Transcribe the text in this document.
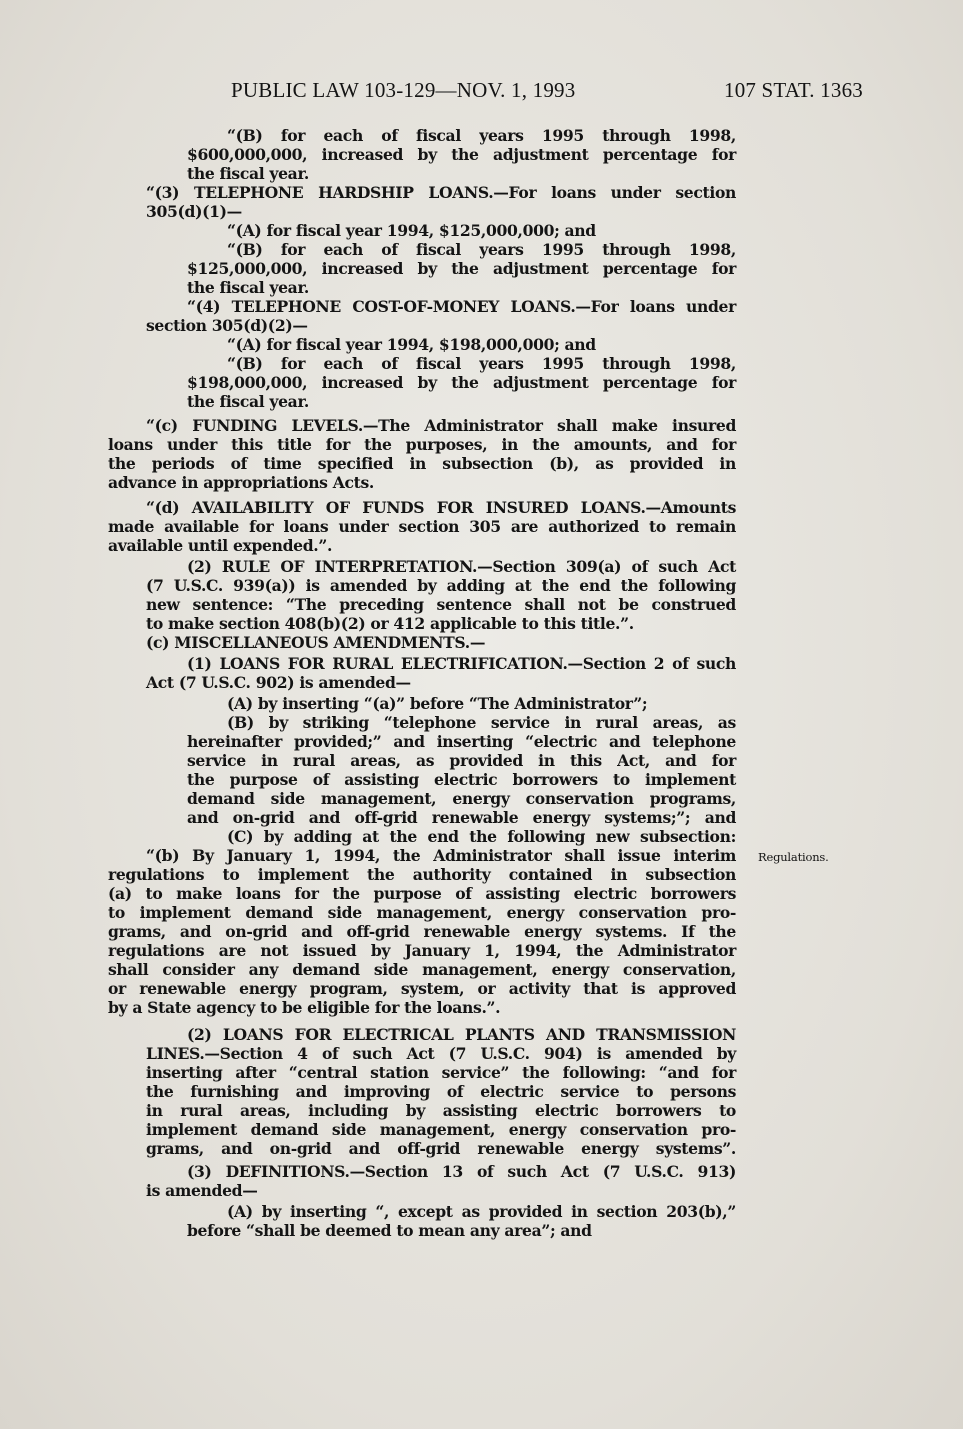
PUBLIC LAW 103-129—NOV. 1, 1993	107 STAT. 1363
“(B) for each of fiscal years 1995 through 1998,
$600,000,000, increased by the adjustment percentage for
the fiscal year.
“(3) TELEPHONE HARDSHIP LOANS.—For loans under section
305(d)(1)—
“(A) for fiscal year 1994, $125,000,000; and
“(B) for each of fiscal years 1995 through 1998,
$125,000,000, increased by the adjustment percentage for
the fiscal year.
“(4) TELEPHONE COST-OF-MONEY LOANS.—For loans under
section 305(d)(2)—
“(A) for fiscal year 1994, $198,000,000; and
“(B) for each of fiscal years 1995 through 1998,
$198,000,000, increased by the adjustment percentage for
the fiscal year.
“(c) FUNDING LEVELS.—The Administrator shall make insured
loans under this title for the purposes, in the amounts, and for
the periods of time specified in subsection (b), as provided in
advance in appropriations Acts.
“(d) AVAILABILITY OF FUNDS FOR INSURED LOANS.—Amounts
made available for loans under section 305 are authorized to remain
available until expended.”.
(2) RULE OF INTERPRETATION.—Section 309(a) of such Act
(7 U.S.C. 939(a)) is amended by adding at the end the following
new sentence: “The preceding sentence shall not be construed
to make section 408(b)(2) or 412 applicable to this title.”.
(c) MISCELLANEOUS AMENDMENTS.—
(1) LOANS FOR RURAL ELECTRIFICATION.—Section 2 of such
Act (7 U.S.C. 902) is amended—
(A) by inserting “(a)” before “The Administrator”;
(B) by striking “telephone service in rural areas, as
hereinafter provided;” and inserting “electric and telephone
service in rural areas, as provided in this Act, and for
the purpose of assisting electric borrowers to implement
demand side management, energy conservation programs,
and on-grid and off-grid renewable energy systems;”; and
(C) by adding at the end the following new subsection:
“(b) By January 1, 1994, the Administrator shall issue interim
regulations to implement the authority contained in subsection
(a) to make loans for the purpose of assisting electric borrowers
to implement demand side management, energy conservation pro-
grams, and on-grid and off-grid renewable energy systems. If the
regulations are not issued by January 1, 1994, the Administrator
shall consider any demand side management, energy conservation,
or renewable energy program, system, or activity that is approved
by a State agency to be eligible for the loans.”.
(2) LOANS FOR ELECTRICAL PLANTS AND TRANSMISSION
LINES.—Section 4 of such Act (7 U.S.C. 904) is amended by
inserting after “central station service” the following: “and for
the furnishing and improving of electric service to persons
in rural areas, including by assisting electric borrowers to
implement demand side management, energy conservation pro-
grams, and on-grid and off-grid renewable energy systems”.
(3) DEFINITIONS.—Section 13 of such Act (7 U.S.C. 913)
is amended—
(A) by inserting “, except as provided in section 203(b),”
before “shall be deemed to mean any area”; and
Regulations.
